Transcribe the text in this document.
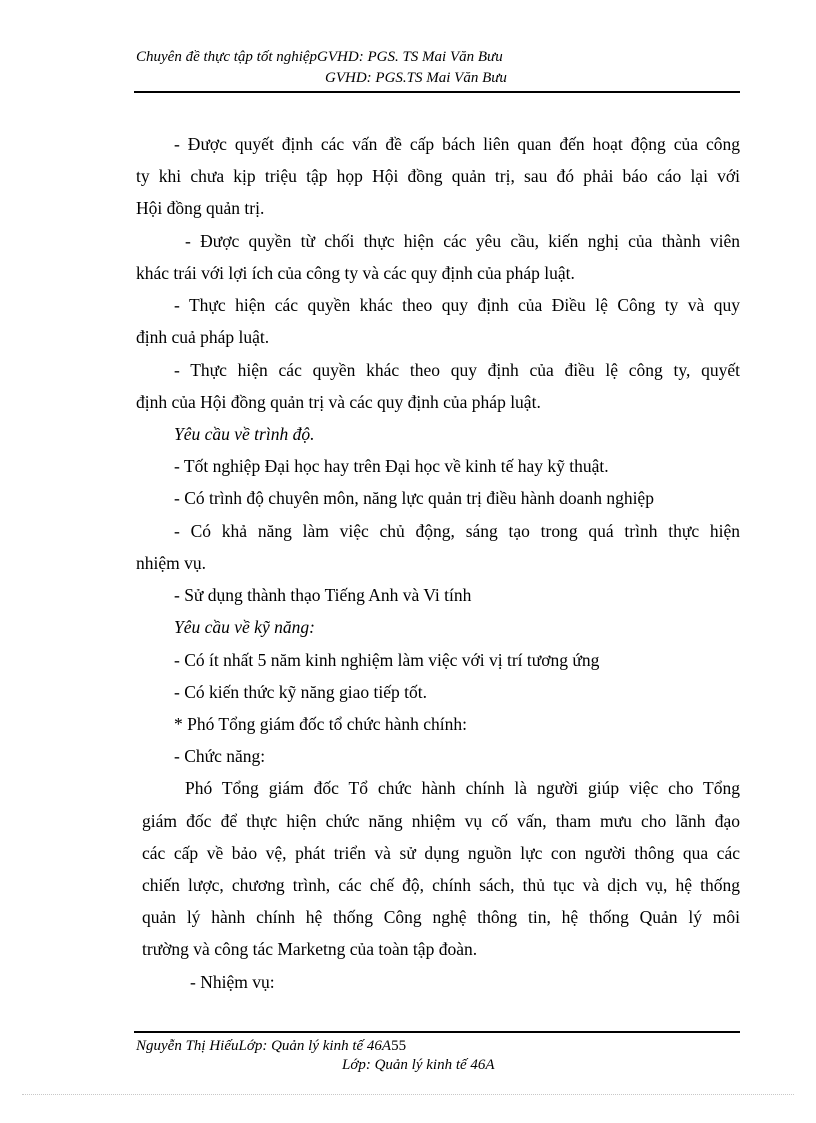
Chuyên đề thực tập tốt nghiệpGVHD: PGS. TS Mai Văn Bưu
GVHD: PGS.TS Mai Văn Bưu
- Được quyết định các vấn đề cấp bách liên quan đến hoạt động của công
ty khi chưa kịp triệu tập họp Hội đồng quản trị, sau đó phải báo cáo lại với
Hội đồng quản trị.
- Được quyền từ chối thực hiện các yêu cầu, kiến nghị của thành viên
khác trái với lợi ích của công ty và các quy định của pháp luật.
- Thực hiện các quyền khác theo quy định của Điều lệ Công ty và quy
định cuả pháp luật.
- Thực hiện các quyền khác theo quy định của điều lệ công ty, quyết
định của Hội đồng quản trị và các quy định của pháp luật.
Yêu cầu về trình độ.
- Tốt nghiệp Đại học hay trên Đại học về kinh tế hay kỹ thuật.
- Có trình độ chuyên môn, năng lực quản trị điều hành doanh nghiệp
- Có khả năng làm việc chủ động, sáng tạo trong quá trình thực hiện
nhiệm vụ.
- Sử dụng thành thạo Tiếng Anh và Vi tính
Yêu cầu về kỹ năng:
- Có ít nhất 5 năm kinh nghiệm làm việc với vị trí tương ứng
- Có kiến thức kỹ năng giao tiếp tốt.
* Phó Tổng giám đốc tổ chức hành chính:
- Chức năng:
Phó Tổng giám đốc Tổ chức hành chính là người giúp việc cho Tổng
giám đốc để thực hiện chức năng nhiệm vụ cố vấn, tham mưu cho lãnh đạo
các cấp về bảo vệ, phát triển và sử dụng nguồn lực con người thông qua các
chiến lược, chương trình, các chế độ, chính sách, thủ tục và dịch vụ, hệ thống
quản lý hành chính hệ thống Công nghệ thông tin, hệ thống Quản lý môi
trường và công tác Marketng của toàn tập đoàn.
- Nhiệm vụ:
Nguyễn Thị HiếuLớp: Quản lý kinh tế 46A55
Lớp: Quản lý kinh tế 46A
